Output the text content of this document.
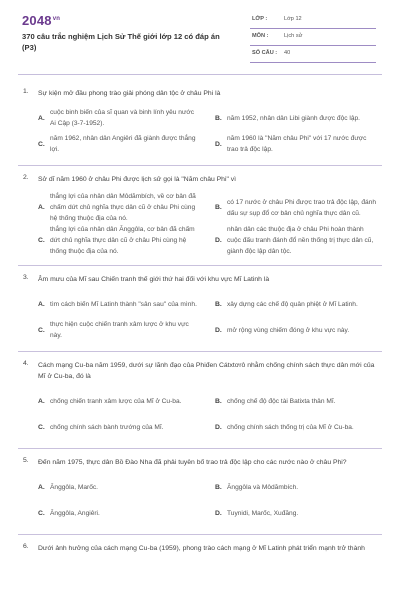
$2048^{vn}$
370 câu trắc nghiệm Lịch Sử Thế giới lớp 12 có đáp án (P3)
LỚP :	Lớp 12
MÔN :	Lịch sử
SỐ CÂU : 40
1. Sự kiện mở đầu phong trào giải phóng dân tộc ở châu Phi là
A.
cuộc binh biến của sĩ quan và binh lính yêu nước Ai Cập (3-7-1952).
B. năm 1952, nhân dân Libi giành được độc lập.
C.
năm 1962, nhân dân Angiêri đã giành được thắng lợi.
D.
năm 1960 là "Năm châu Phi" với 17 nước được trao trả độc lập.
2. Sở dĩ năm 1960 ở châu Phi được lịch sử gọi là "Năm châu Phi" vì
A.
thắng lợi của nhân dân Môdămbích, về cơ bản đã chấm dứt chủ nghĩa thực dân cũ ở châu Phi cùng hệ thống thuộc địa của nó.
B.
có 17 nước ở châu Phi được trao trả độc lập, đánh dấu sự sụp đổ cơ bản chủ nghĩa thực dân cũ.
C.
thắng lợi của nhân dân Ănggôla, cơ bản đã chấm dứt chủ nghĩa thực dân cũ ở châu Phi cùng hệ thống thuộc địa của nó.
D.
nhân dân các thuộc địa ở châu Phi hoàn thành cuộc đấu tranh đánh đổ nền thống trị thực dân cũ, giành độc lập dân tộc.
3. Âm mưu của Mĩ sau Chiến tranh thế giới thứ hai đối với khu vực Mĩ Latinh là
A. tìm cách biến Mĩ Latinh thành "sân sau" của mình.	B. xây dựng các chế độ quân phiệt ở Mĩ Latinh.
C.
thực hiện cuộc chiến tranh xâm lược ở khu vực này.
D. mở rộng vùng chiếm đóng ở khu vực này.
4. Cách mạng Cu-ba năm 1959, dưới sự lãnh đạo của Phiđen Cátxtơrô nhằm chống chính sách thực dân mới của Mĩ ở Cu-ba, đó là
A. chống chiến tranh xâm lược của Mĩ ở Cu-ba.	B. chống chế độ độc tài Batixta thân Mĩ.
C. chống chính sách bành trướng của Mĩ.	D. chống chính sách thống trị của Mĩ ở Cu-ba.
5. Đến năm 1975, thực dân Bồ Đào Nha đã phải tuyên bố trao trả độc lập cho các nước nào ở châu Phi?
A. Ănggôla, Marốc.	B. Ănggôla và Môdămbích.
C. Ănggôla, Angiêri.	D. Tuynidi, Marốc, Xuđăng.
6. Dưới ảnh hưởng của cách mạng Cu-ba (1959), phong trào cách mạng ở Mĩ Latinh phát triển mạnh trở thành
